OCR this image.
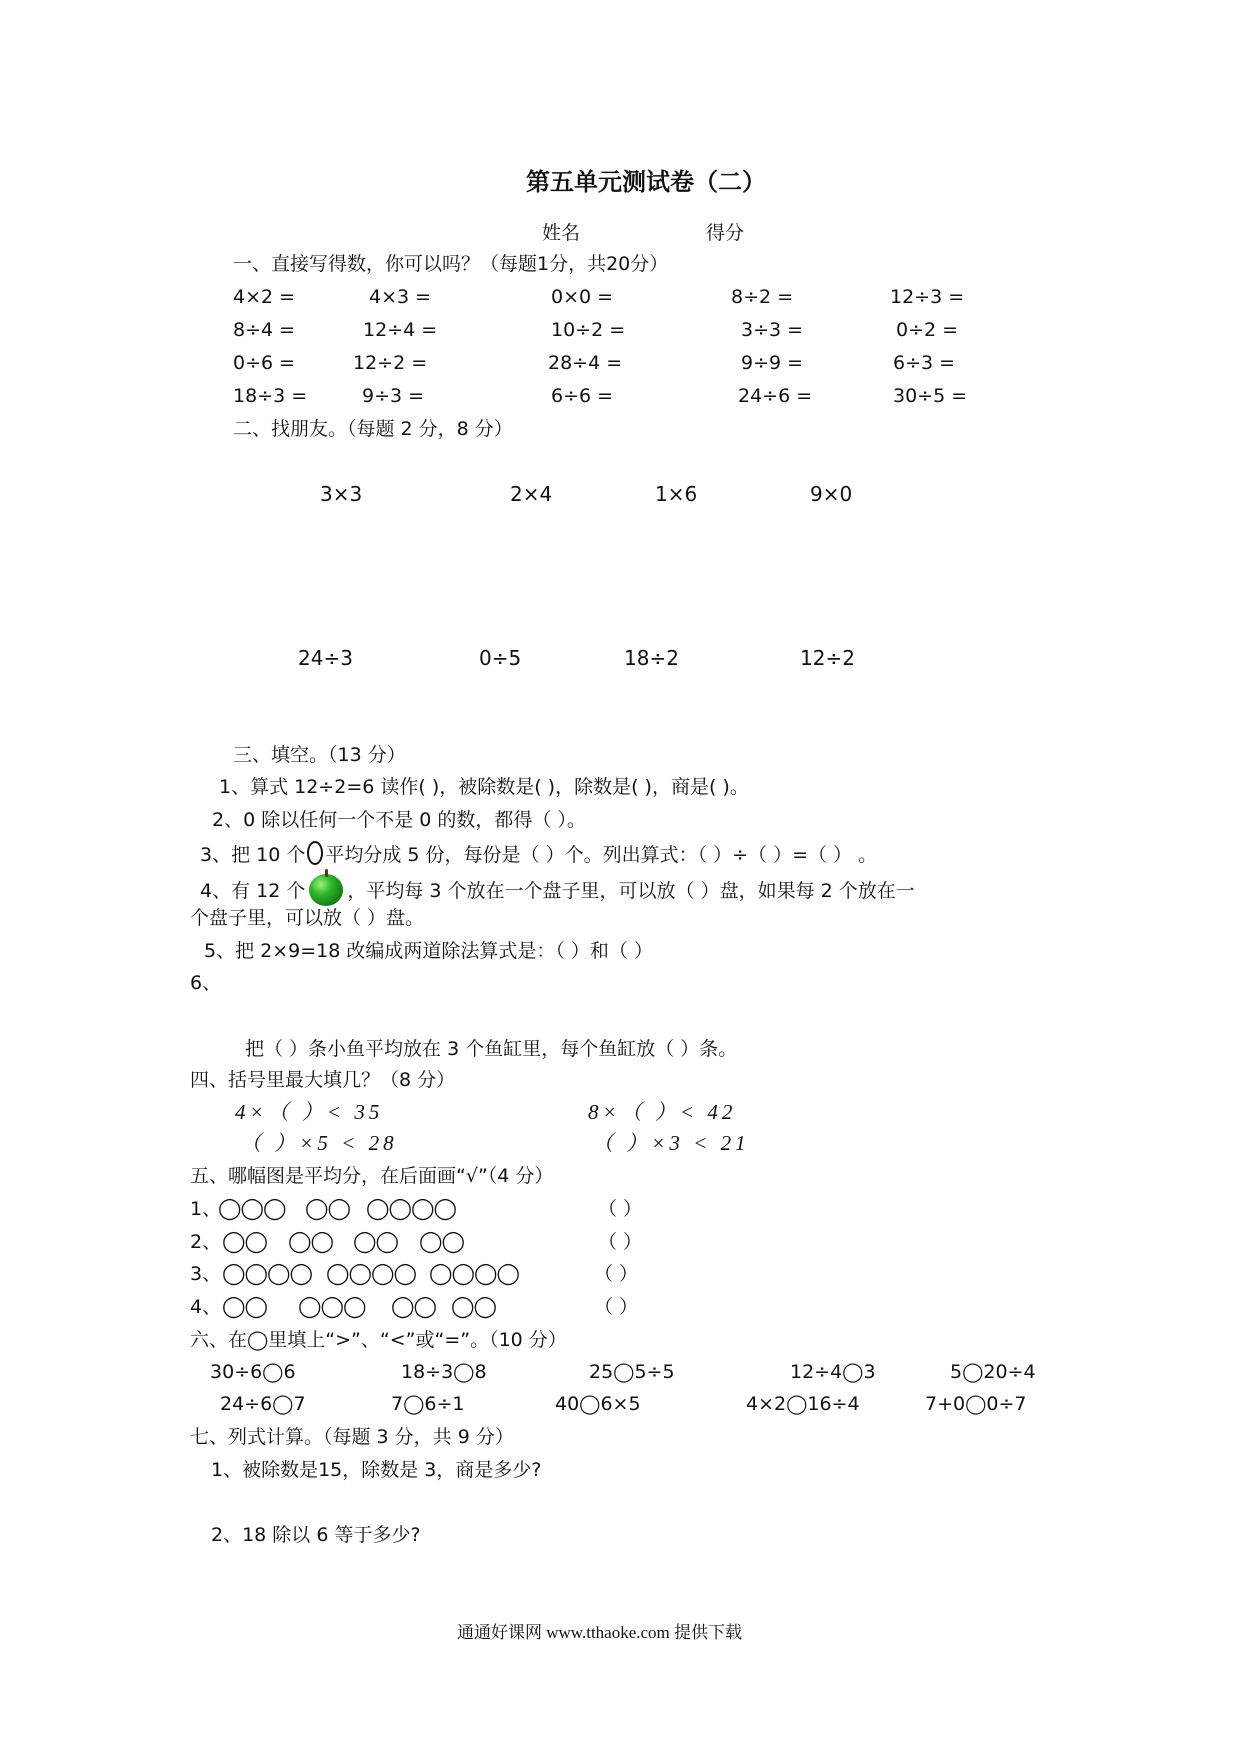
第五单元测试卷（二）
姓名	得分
一、直接写得数，你可以吗？（每题1分，共20分）
4×2 =	4×3 =	0×0 =	8÷2 =	12÷3 =
8÷4 =	12÷4 =	10÷2 =	3÷3 =	0÷2 =
0÷6 =	12÷2 =	28÷4 =	9÷9 =	6÷3 =
18÷3 =	9÷3 =	6÷6 =	24÷6 =	30÷5 =
二、找朋友。（每题 2 分，8 分）
3×3	2×4	1×6	9×0
24÷3	0÷5	18÷2	12÷2
三、填空。（13 分）
1、算式 12÷2=6 读作( )，被除数是( )，除数是( )，商是( )。
2、0 除以任何一个不是 0 的数，都得（ ）。
3、把 10 个 平均分成 5 份，每份是（ ）个。列出算式：（ ）÷（ ）=（ ） 。
4、有 12 个 ，平均每 3 个放在一个盘子里，可以放（ ）盘，如果每 2 个放在一
个盘子里，可以放（ ）盘。
5、把 2×9=18 改编成两道除法算式是：（ ）和（ ）
6、
把（ ）条小鱼平均放在 3 个鱼缸里，每个鱼缸放（ ）条。
四、括号里最大填几？（8 分）
4×（ ）< 35	8×（ ）< 42
（ ）×5 < 28	（ ）×3 < 21
五、哪幅图是平均分，在后面画“√”（4 分）
1、
◯◯◯ ◯◯ ◯◯◯◯	（ ）
2、 ◯◯ ◯◯ ◯◯ ◯◯	（ ）
3、 ◯◯◯◯ ◯◯◯◯ ◯◯◯◯	（ ）
4、 ◯◯ ◯◯◯ ◯◯ ◯◯	（ ）
六、在◯里填上“>”、“<”或“=”。（10 分）
30÷6◯6	18÷3◯8	25◯5÷5	12÷4◯3	5◯20÷4
24÷6◯7	7◯6÷1	40◯6×5	4×2◯16÷4	7+0◯0÷7
七、列式计算。（每题 3 分，共 9 分）
1、被除数是15，除数是 3，商是多少?
2、18 除以 6 等于多少?
通通好课网 www.tthaoke.com 提供下载
